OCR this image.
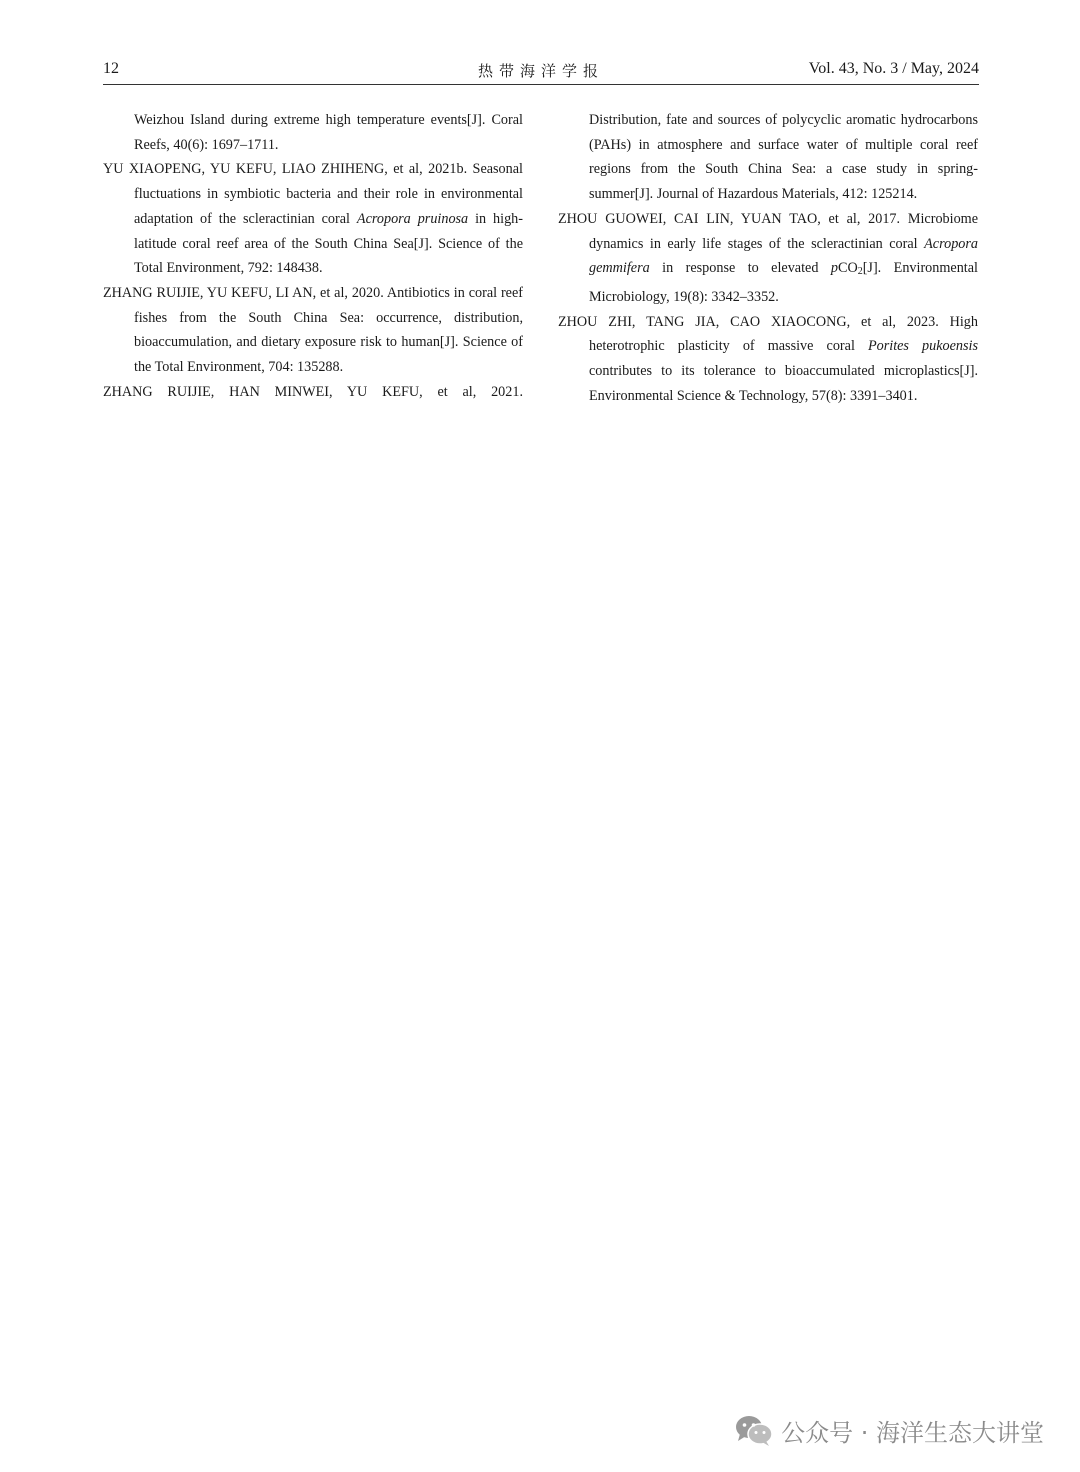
12	热带海洋学报	Vol. 43, No. 3 / May, 2024

Weizhou Island during extreme high temperature events[J]. Coral Reefs, 40(6): 1697–1711.

YU XIAOPENG, YU KEFU, LIAO ZHIHENG, et al, 2021b. Seasonal fluctuations in symbiotic bacteria and their role in environmental adaptation of the scleractinian coral Acropora pruinosa in high-latitude coral reef area of the South China Sea[J]. Science of the Total Environment, 792: 148438.

ZHANG RUIJIE, YU KEFU, LI AN, et al, 2020. Antibiotics in coral reef fishes from the South China Sea: occurrence, distribution, bioaccumulation, and dietary exposure risk to human[J]. Science of the Total Environment, 704: 135288.

ZHANG RUIJIE, HAN MINWEI, YU KEFU, et al, 2021.

Distribution, fate and sources of polycyclic aromatic hydrocarbons (PAHs) in atmosphere and surface water of multiple coral reef regions from the South China Sea: a case study in spring-summer[J]. Journal of Hazardous Materials, 412: 125214.

ZHOU GUOWEI, CAI LIN, YUAN TAO, et al, 2017. Microbiome dynamics in early life stages of the scleractinian coral Acropora gemmifera in response to elevated pCO$_2$[J]. Environmental Microbiology, 19(8): 3342–3352.

ZHOU ZHI, TANG JIA, CAO XIAOCONG, et al, 2023. High heterotrophic plasticity of massive coral Porites pukoensis contributes to its tolerance to bioaccumulated microplastics[J]. Environmental Science & Technology, 57(8): 3391–3401.

公众号 · 海洋生态大讲堂
